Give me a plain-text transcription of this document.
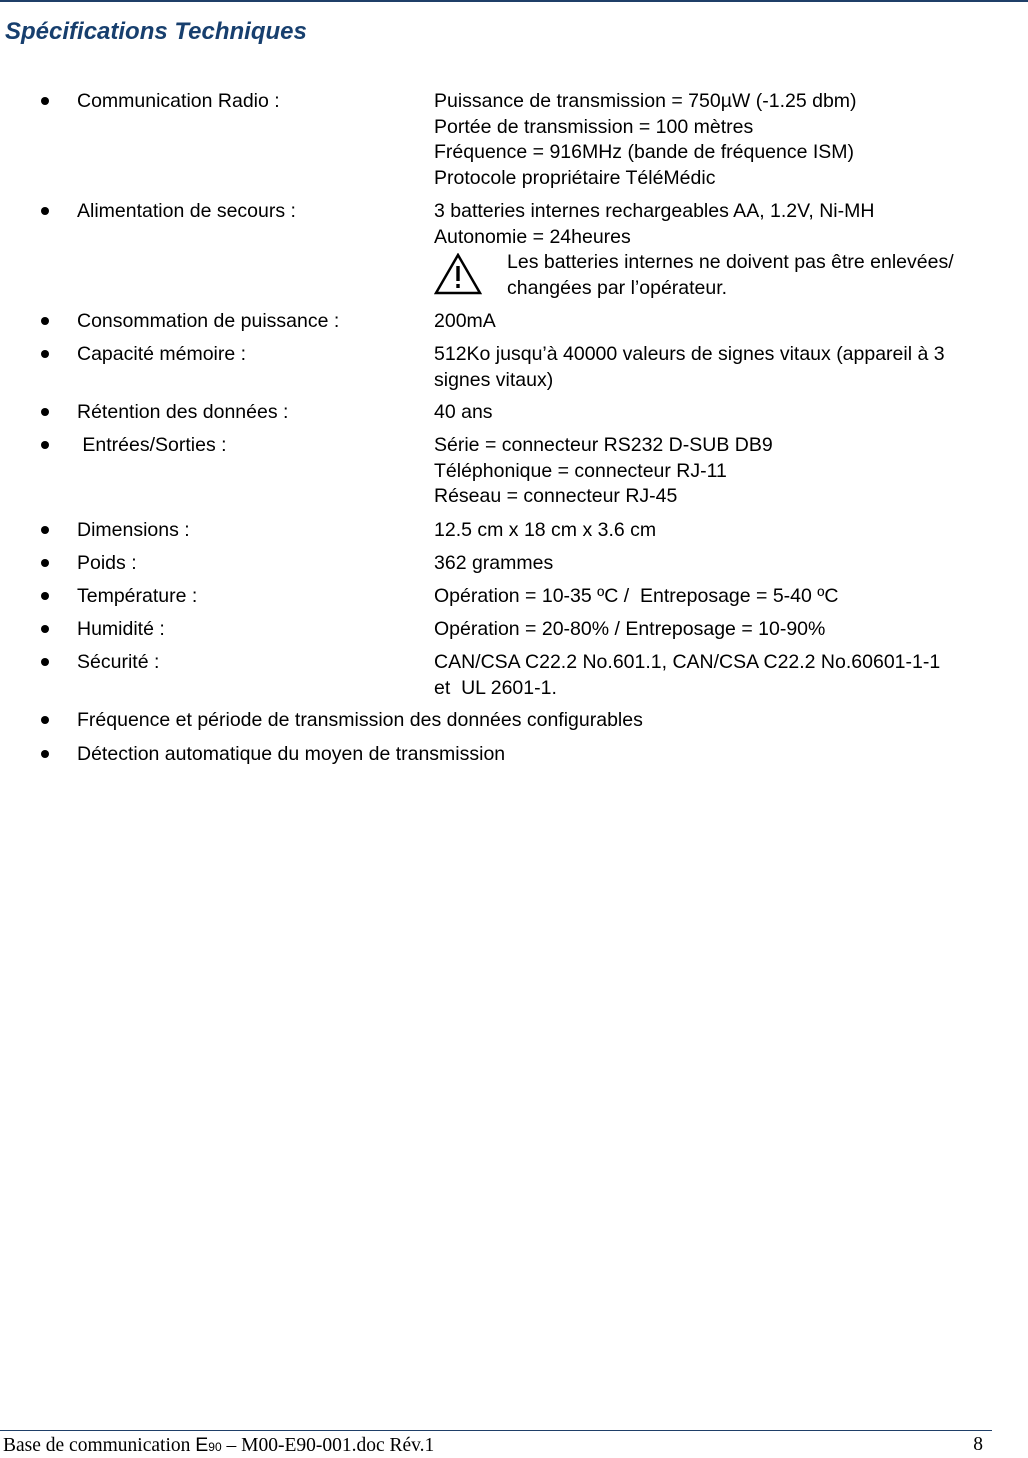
Spécifications Techniques
Communication Radio :	Puissance de transmission = 750µW (-1.25 dbm)
Portée de transmission = 100 mètres
Fréquence = 916MHz (bande de fréquence ISM)
Protocole propriétaire TéléMédic
Alimentation de secours :	3 batteries internes rechargeables AA, 1.2V, Ni-MH
Autonomie = 24heures
Les batteries internes ne doivent pas être enlevées/
changées par l’opérateur.
Consommation de puissance :	200mA
Capacité mémoire :	512Ko jusqu’à 40000 valeurs de signes vitaux (appareil à 3
signes vitaux)
Rétention des données :	40 ans
Entrées/Sorties :	Série = connecteur RS232 D-SUB DB9
Téléphonique = connecteur RJ-11
Réseau = connecteur RJ-45
Dimensions :	12.5 cm x 18 cm x 3.6 cm
Poids :	362 grammes
Température :	Opération = 10-35 ºC /  Entreposage = 5-40 ºC
Humidité :	Opération = 20-80% / Entreposage = 10-90%
Sécurité :	CAN/CSA C22.2 No.601.1, CAN/CSA C22.2 No.60601-1-1
et  UL 2601-1.
Fréquence et période de transmission des données configurables
Détection automatique du moyen de transmission
Base de communication E90 – M00-E90-001.doc Rév.1	8
